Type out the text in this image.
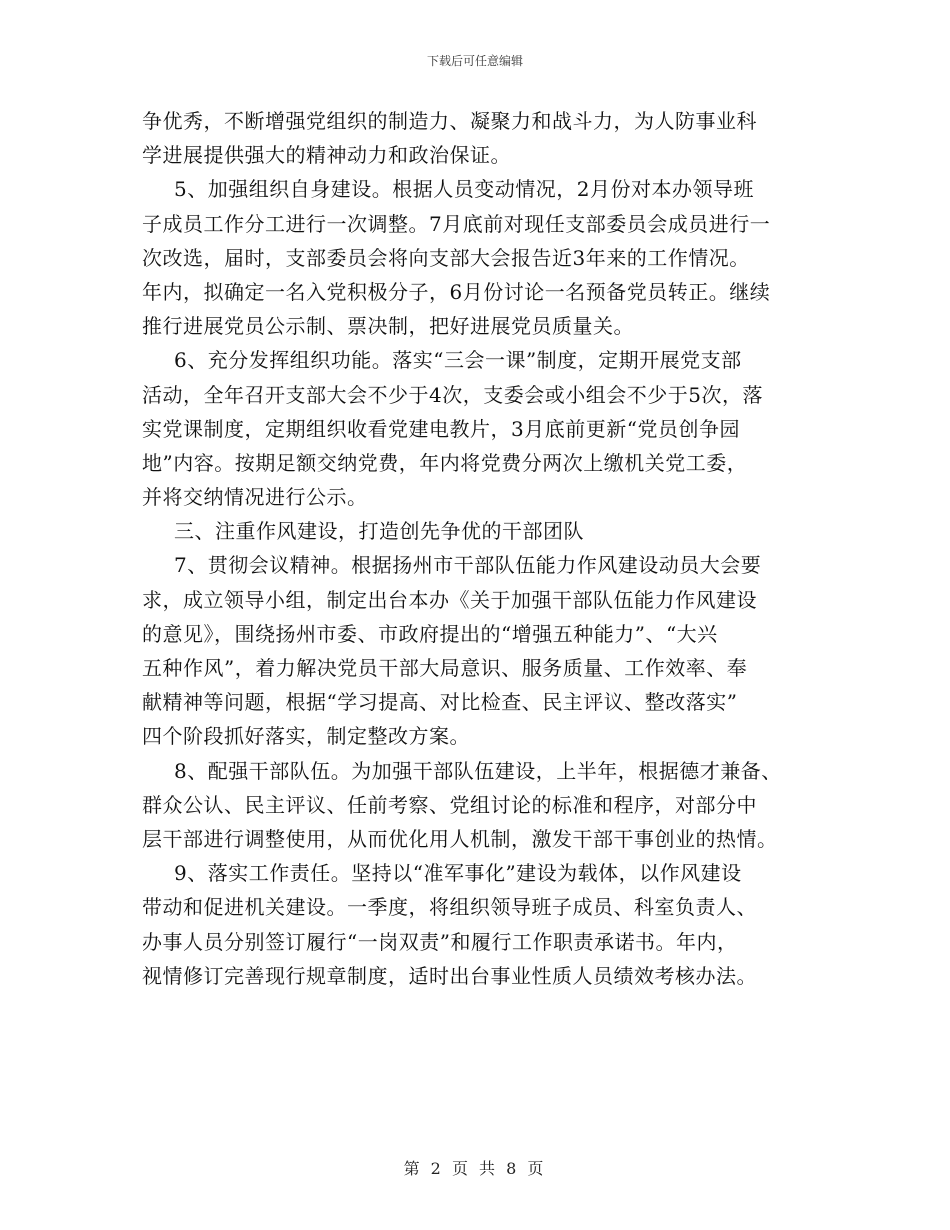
下载后可任意编辑
争优秀，不断增强党组织的制造力、凝聚力和战斗力，为人防事业科
学进展提供强大的精神动力和政治保证。
5、加强组织自身建设。根据人员变动情况，2月份对本办领导班
子成员工作分工进行一次调整。7月底前对现任支部委员会成员进行一
次改选，届时，支部委员会将向支部大会报告近3年来的工作情况。
年内，拟确定一名入党积极分子，6月份讨论一名预备党员转正。继续
推行进展党员公示制、票决制，把好进展党员质量关。
6、充分发挥组织功能。落实“三会一课”制度，定期开展党支部
活动，全年召开支部大会不少于4次，支委会或小组会不少于5次，落
实党课制度，定期组织收看党建电教片，3月底前更新“党员创争园
地”内容。按期足额交纳党费，年内将党费分两次上缴机关党工委，
并将交纳情况进行公示。
三、注重作风建设，打造创先争优的干部团队
7、贯彻会议精神。根据扬州市干部队伍能力作风建设动员大会要
求，成立领导小组，制定出台本办《关于加强干部队伍能力作风建设
的意见》，围绕扬州市委、市政府提出的“增强五种能力”、“大兴
五种作风”，着力解决党员干部大局意识、服务质量、工作效率、奉
献精神等问题，根据“学习提高、对比检查、民主评议、整改落实”
四个阶段抓好落实，制定整改方案。
8、配强干部队伍。为加强干部队伍建设，上半年，根据德才兼备、
群众公认、民主评议、任前考察、党组讨论的标准和程序，对部分中
层干部进行调整使用，从而优化用人机制，激发干部干事创业的热情。
9、落实工作责任。坚持以“准军事化”建设为载体，以作风建设
带动和促进机关建设。一季度，将组织领导班子成员、科室负责人、
办事人员分别签订履行“一岗双责”和履行工作职责承诺书。年内，
视情修订完善现行规章制度，适时出台事业性质人员绩效考核办法。
第 2 页 共 8 页
